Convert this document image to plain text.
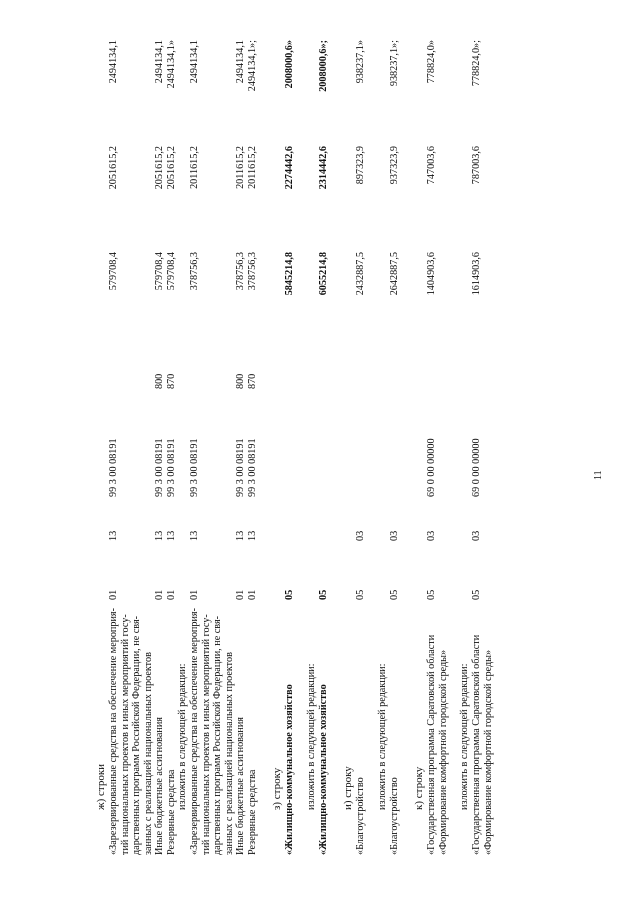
11
ж) строки «Зарезервированные средства на обеспечение мероприя- тий национальных проектов и иных мероприятий госу- дарственных программ Российской Федерации, не свя- занных с реализацией национальных проектов
01
13
99 3 00 08191
579708,4
2051615,2
2494134,1
Иные бюджетные ассигнования
01
13
99 3 00 08191
800
579708,4
2051615,2
2494134,1
Резервные средства
01
13
99 3 00 08191
870
579708,4
2051615,2
2494134,1»
изложить в следующей редакции: «Зарезервированные средства на обеспечение мероприя- тий национальных проектов и иных мероприятий госу- дарственных программ Российской Федерации, не свя- занных с реализацией национальных проектов
01
13
99 3 00 08191
378756,3
2011615,2
2494134,1
Иные бюджетные ассигнования
01
13
99 3 00 08191
800
378756,3
2011615,2
2494134,1
Резервные средства
01
13
99 3 00 08191
870
378756,3
2011615,2
2494134,1»;
з) строку «Жилищно-коммунальное хозяйство
05
5845214,8
2274442,6
2008000,6»
изложить в следующей редакции: «Жилищно-коммунальное хозяйство
05
6055214,8
2314442,6
2008000,6»;
и) строку «Благоустройство
05
03
2432887,5
897323,9
938237,1»
изложить в следующей редакции:
«Благоустройство
05
03
2642887,5
937323,9
938237,1»;
к) строку «Государственная программа Саратовской области «Формирование комфортной городской среды»
05
03
69 0 00 00000
1404903,6
747003,6
778824,0»
изложить в следующей редакции: «Государственная программа Саратовской области «Формирование комфортной городской среды»
05
03
69 0 00 00000
1614903,6
787003,6
778824,0»;
